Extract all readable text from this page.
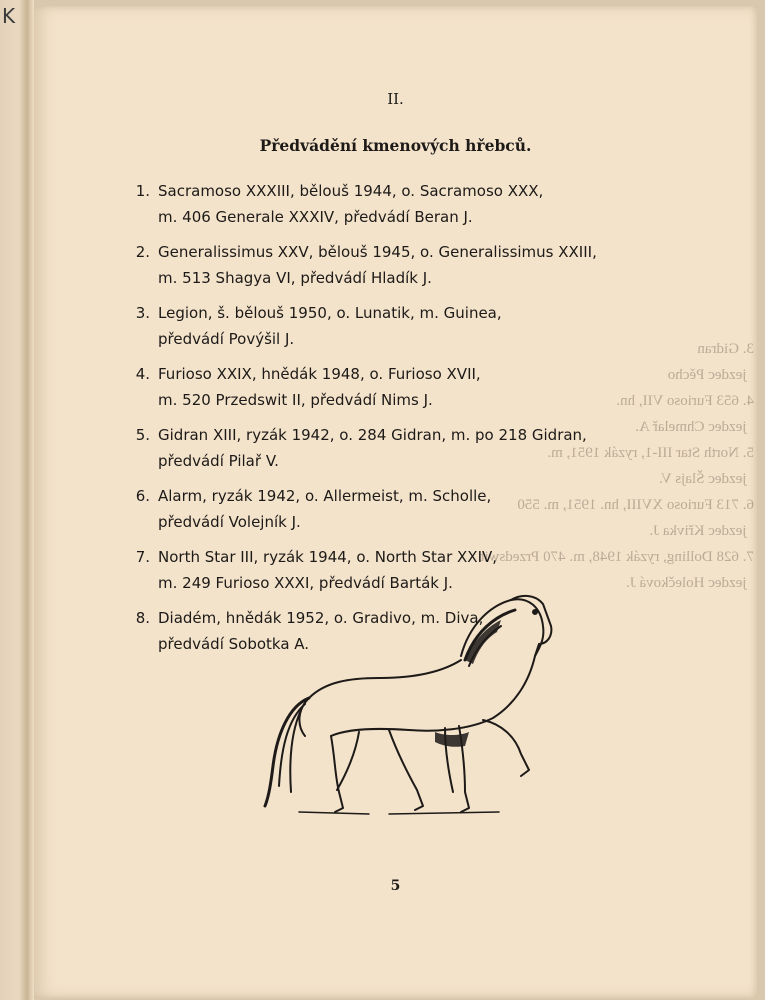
K
3. Gidran
jezdec Pěcho
4. 653 Furioso VII, hn.
jezdec Chmelař A.
5. North Star III-1, ryzák 1951, m.
jezdec Šlajs V.
6. 713 Furioso XVIII, hn. 1951, m. 550
jezdec Křivka J.
7. 628 Dolling, ryzák 1948, m. 470 Przedswit
jezdec Holečková J.
II.
Předvádění kmenových hřebců.
1. Sacramoso XXXIII, bělouš 1944, o. Sacramoso XXX,
m. 406 Generale XXXIV, předvádí Beran J.
2. Generalissimus XXV, bělouš 1945, o. Generalissimus XXIII,
m. 513 Shagya VI, předvádí Hladík J.
3. Legion, š. bělouš 1950, o. Lunatik, m. Guinea,
předvádí Povýšil J.
4. Furioso XXIX, hnědák 1948, o. Furioso XVII,
m. 520 Przedswit II, předvádí Nims J.
5. Gidran XIII, ryzák 1942, o. 284 Gidran, m. po 218 Gidran,
předvádí Pilař V.
6. Alarm, ryzák 1942, o. Allermeist, m. Scholle,
předvádí Volejník J.
7. North Star III, ryzák 1944, o. North Star XXIV,
m. 249 Furioso XXXI, předvádí Barták J.
8. Diadém, hnědák 1952, o. Gradivo, m. Diva,
předvádí Sobotka A.
5
